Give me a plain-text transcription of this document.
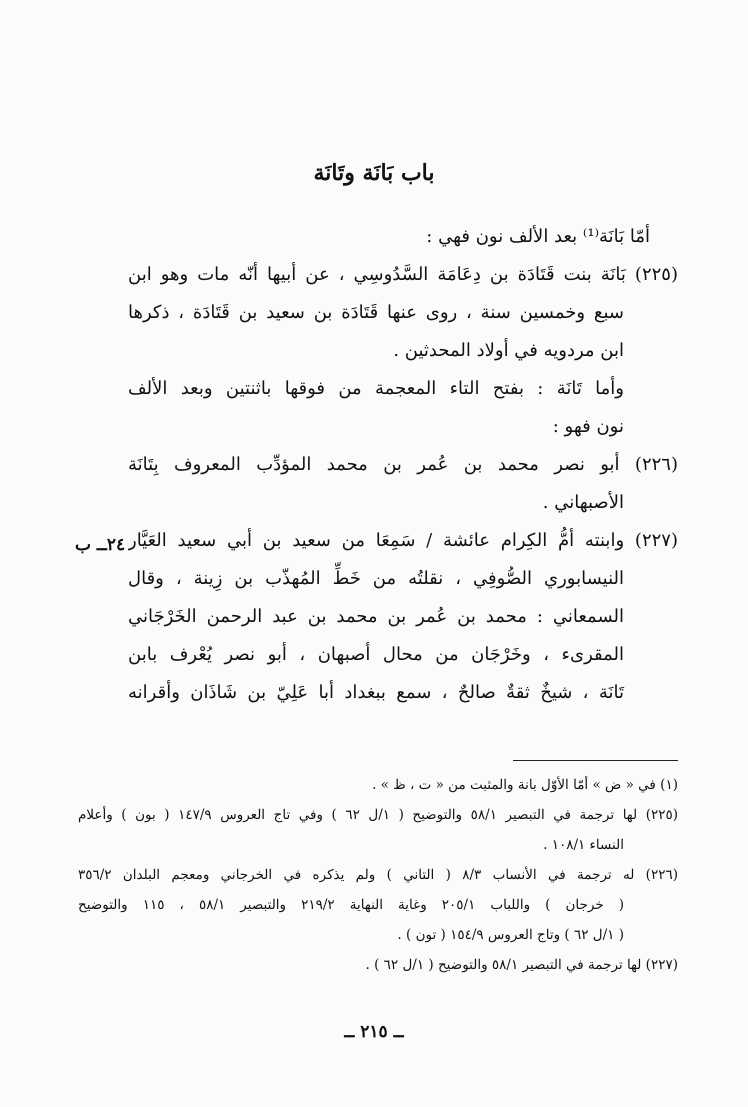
باب بَانَة وتَانَة
أمّا بَانَة⁽¹⁾ بعد الألف نون فهي :
(٢٢٥) بَانَة بنت قَتَادَة بن دِعَامَة السَّدُوسِي ، عن أبيها أنّه مات وهو ابن
سبع وخمسين سنة ، روى عنها قَتَادَة بن سعيد بن قَتَادَة ، ذكرها
ابن مردويه في أولاد المحدثين .
وأما تَانَة : بفتح التاء المعجمة من فوقها باثنتين وبعد الألف
نون فهو :
(٢٢٦) أبو نصر محمد بن عُمر بن محمد المؤدِّب المعروف بِتَانَة
الأصبهاني .
(٢٢٧) وابنته أمُّ الكِرام عائشة / سَمِعَا من سعيد بن أبي سعيد العَيَّار
النيسابوري الصُّوفِي ، نقلتُه من خَطِّ المُهذّب بن زِينة ، وقال
السمعاني : محمد بن عُمر بن محمد بن عبد الرحمن الخَرْجَاني
المقرىء ، وخَرْجَان من محال أصبهان ، أبو نصر يُعْرف بابن
تَانَة ، شيخٌ ثقةٌ صالحٌ ، سمع ببغداد أبا عَلِيّ بن شَاذَان وأقرانه
٢٤ــ ب
(١) في « ض » أمّا الأوّل بانة والمثبت من « ت ، ظ » .
(٢٢٥) لها ترجمة في التبصير ٥٨/١ والتوضيح ( ١/ل ٦٢ ) وفي تاج العروس ١٤٧/٩ ( بون ) وأعلام
النساء ١٠٨/١ .
(٢٢٦) له ترجمة في الأنساب ٨/٣ ( التاني ) ولم يذكره في الخرجاني ومعجم البلدان ٣٥٦/٢
( خرجان ) واللباب ٢٠٥/١ وغاية النهاية ٢١٩/٢ والتبصير ٥٨/١ ، ١١٥ والتوضيح
( ١/ل ٦٢ ) وتاج العروس ١٥٤/٩ ( تون ) .
(٢٢٧) لها ترجمة في التبصير ٥٨/١ والتوضيح ( ١/ل ٦٢ ) .
ــ ٢١٥ ــ
